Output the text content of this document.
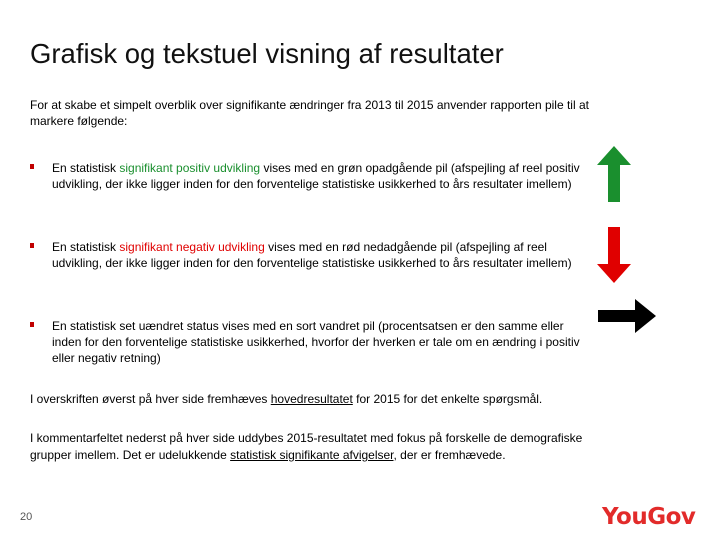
Grafisk og tekstuel visning af resultater
For at skabe et simpelt overblik over signifikante ændringer fra 2013 til 2015 anvender rapporten pile til at markere følgende:
En statistisk signifikant positiv udvikling vises med en grøn opadgående pil (afspejling af reel positiv udvikling, der ikke ligger inden for den forventelige statistiske usikkerhed to års resultater imellem)
En statistisk signifikant negativ udvikling vises med en rød nedadgående pil (afspejling af reel udvikling, der ikke ligger inden for den forventelige statistiske usikkerhed to års resultater imellem)
En statistisk set uændret status vises med en sort vandret pil (procentsatsen er den samme eller inden for den forventelige statistiske usikkerhed, hvorfor der hverken er tale om en ændring i positiv eller negativ retning)
I overskriften øverst på hver side fremhæves hovedresultatet for 2015 for det enkelte spørgsmål.
I kommentarfeltet nederst på hver side uddybes 2015-resultatet med fokus på forskelle de demografiske grupper imellem. Det er udelukkende statistisk signifikante afvigelser, der er fremhævede.
20	YouGov
